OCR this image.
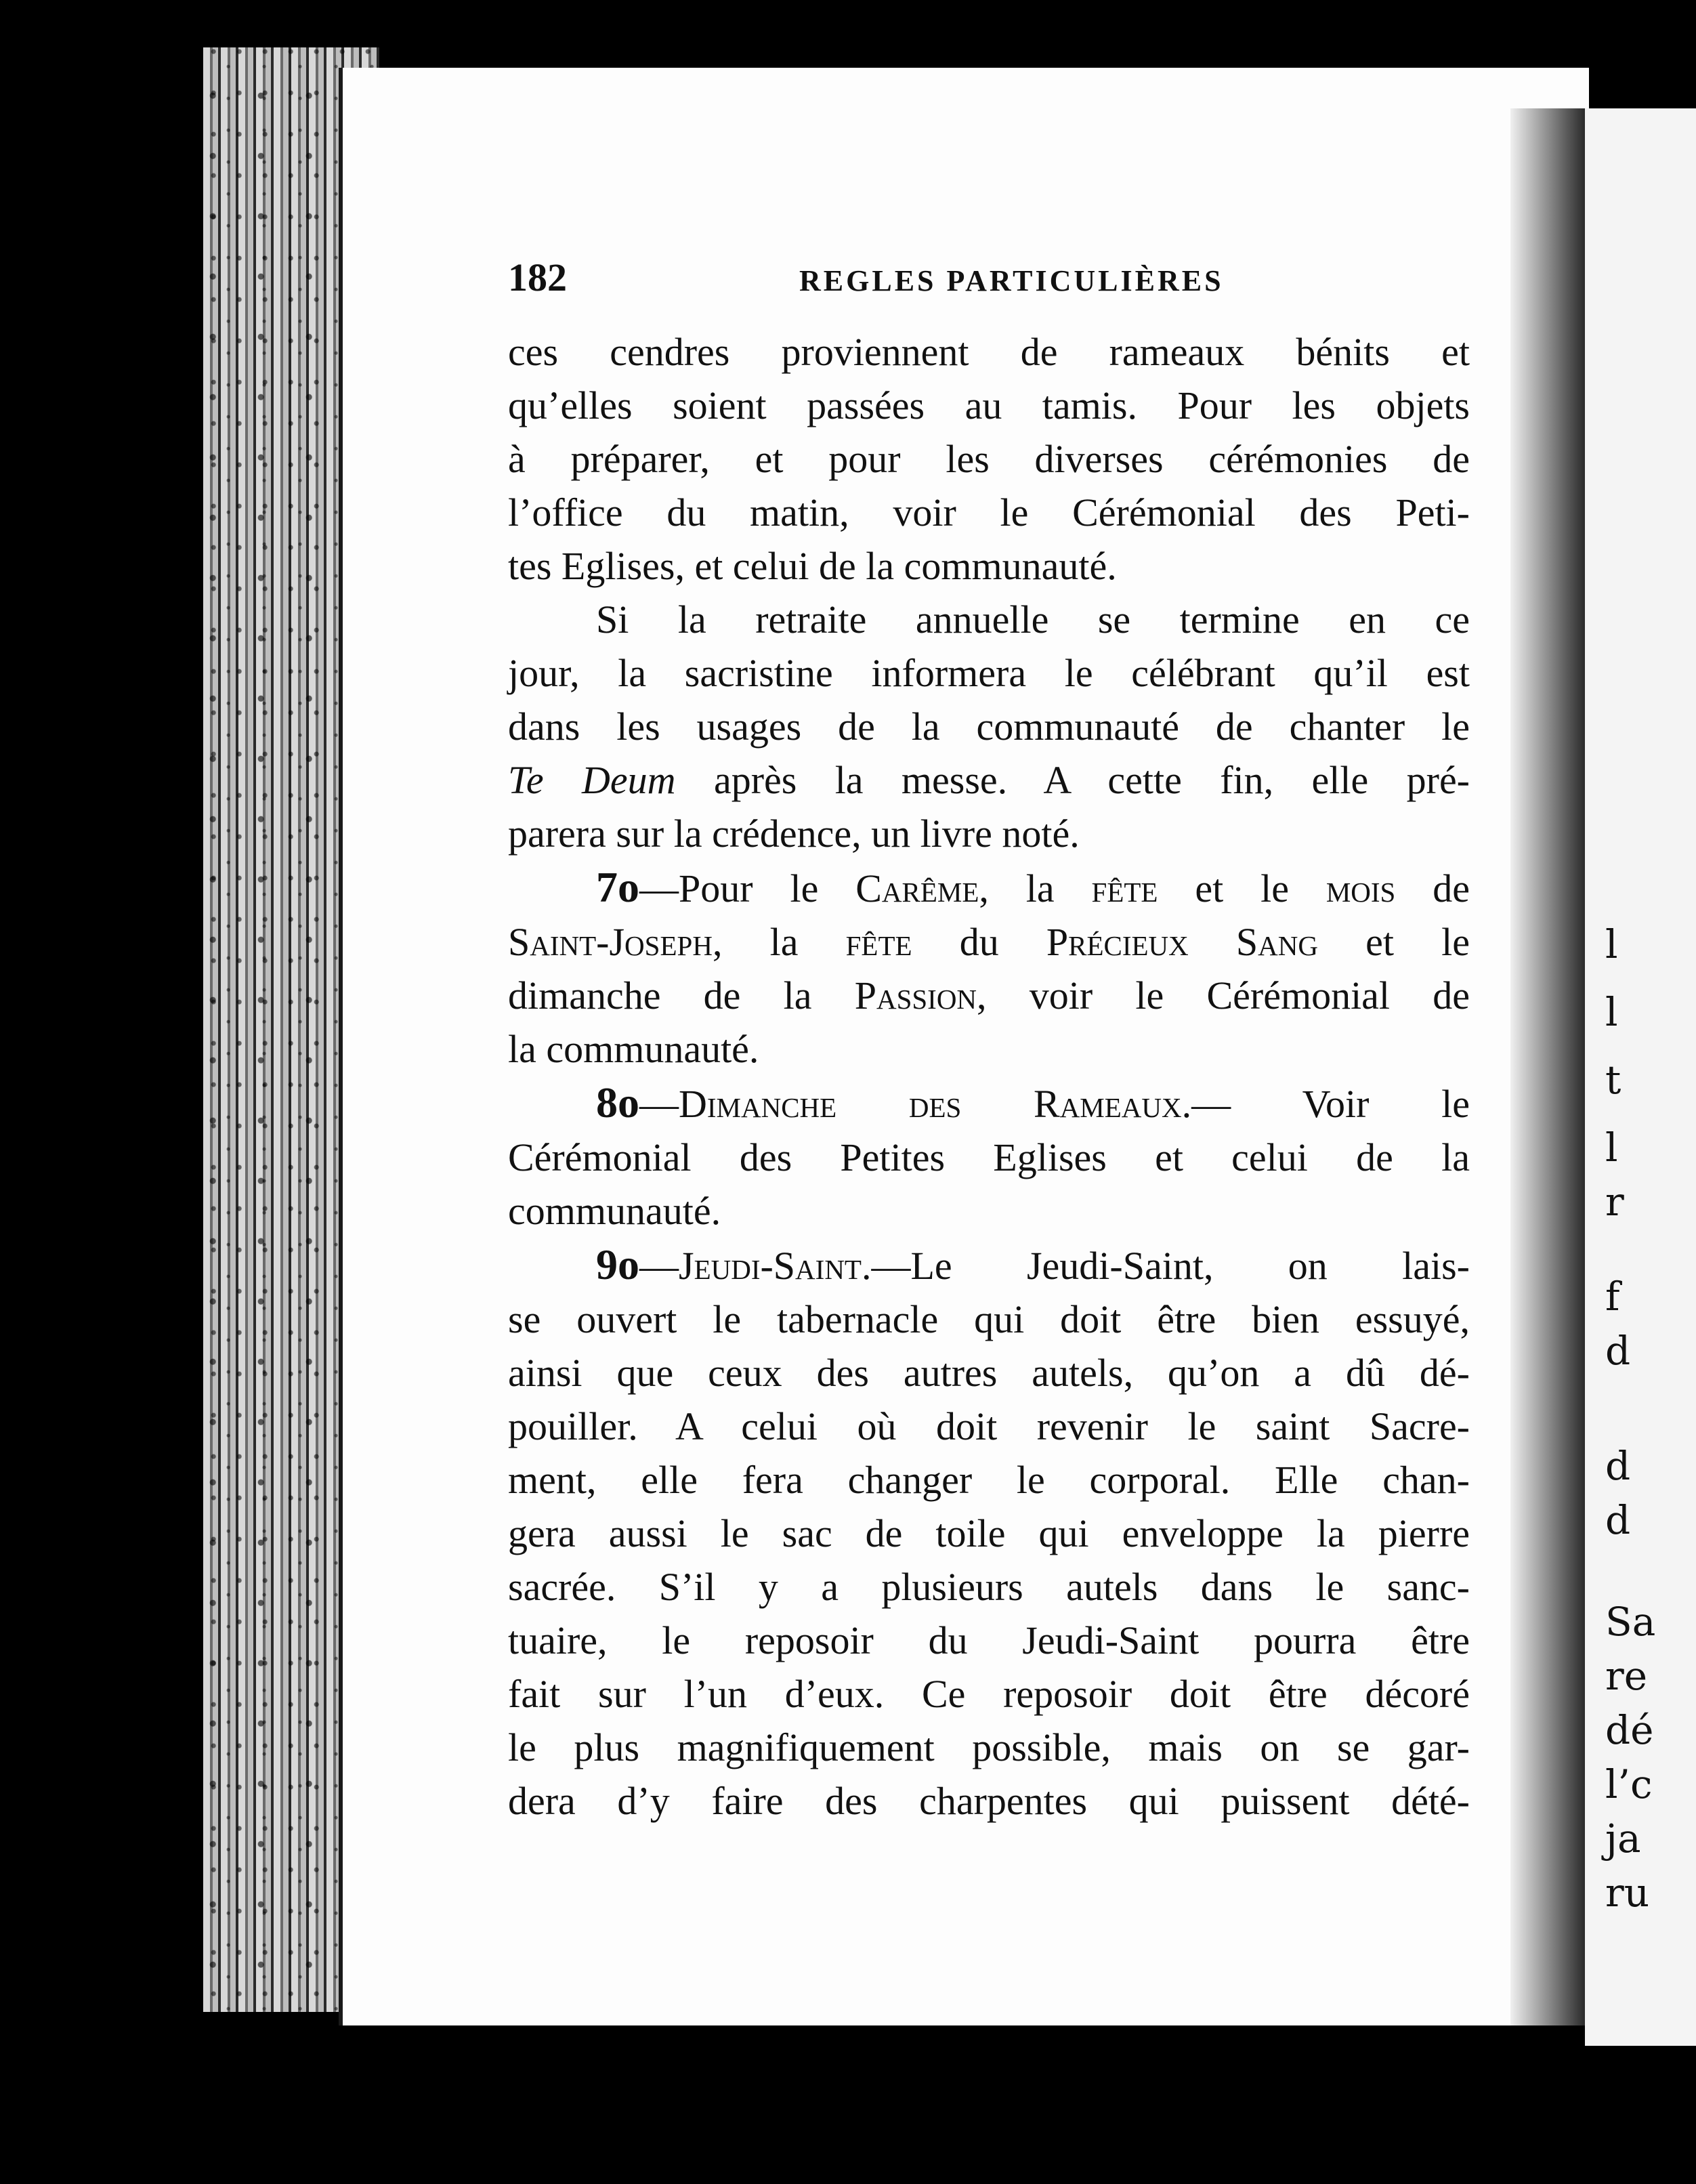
l
l
t
l
r
f
d
d
d
Sa
re
dé
l’c
ja
ru
182	REGLES PARTICULIÈRES
ces cendres proviennent de rameaux bénits et
qu’elles soient passées au tamis. Pour les objets
à préparer, et pour les diverses cérémonies de
l’office du matin, voir le Cérémonial des Peti-
tes Eglises, et celui de la communauté.
Si la retraite annuelle se termine en ce
jour, la sacristine informera le célébrant qu’il est
dans les usages de la communauté de chanter le
Te Deum après la messe. A cette fin, elle pré-
parera sur la crédence, un livre noté.
7o—Pour le Carême, la fête et le mois de
Saint-Joseph, la fête du Précieux Sang et le
dimanche de la Passion, voir le Cérémonial de
la communauté.
8o—Dimanche des Rameaux.— Voir le
Cérémonial des Petites Eglises et celui de la
communauté.
9o—Jeudi-Saint.—Le Jeudi-Saint, on lais-
se ouvert le tabernacle qui doit être bien essuyé,
ainsi que ceux des autres autels, qu’on a dû dé-
pouiller. A celui où doit revenir le saint Sacre-
ment, elle fera changer le corporal. Elle chan-
gera aussi le sac de toile qui enveloppe la pierre
sacrée. S’il y a plusieurs autels dans le sanc-
tuaire, le reposoir du Jeudi-Saint pourra être
fait sur l’un d’eux. Ce reposoir doit être décoré
le plus magnifiquement possible, mais on se gar-
dera d’y faire des charpentes qui puissent dété-
